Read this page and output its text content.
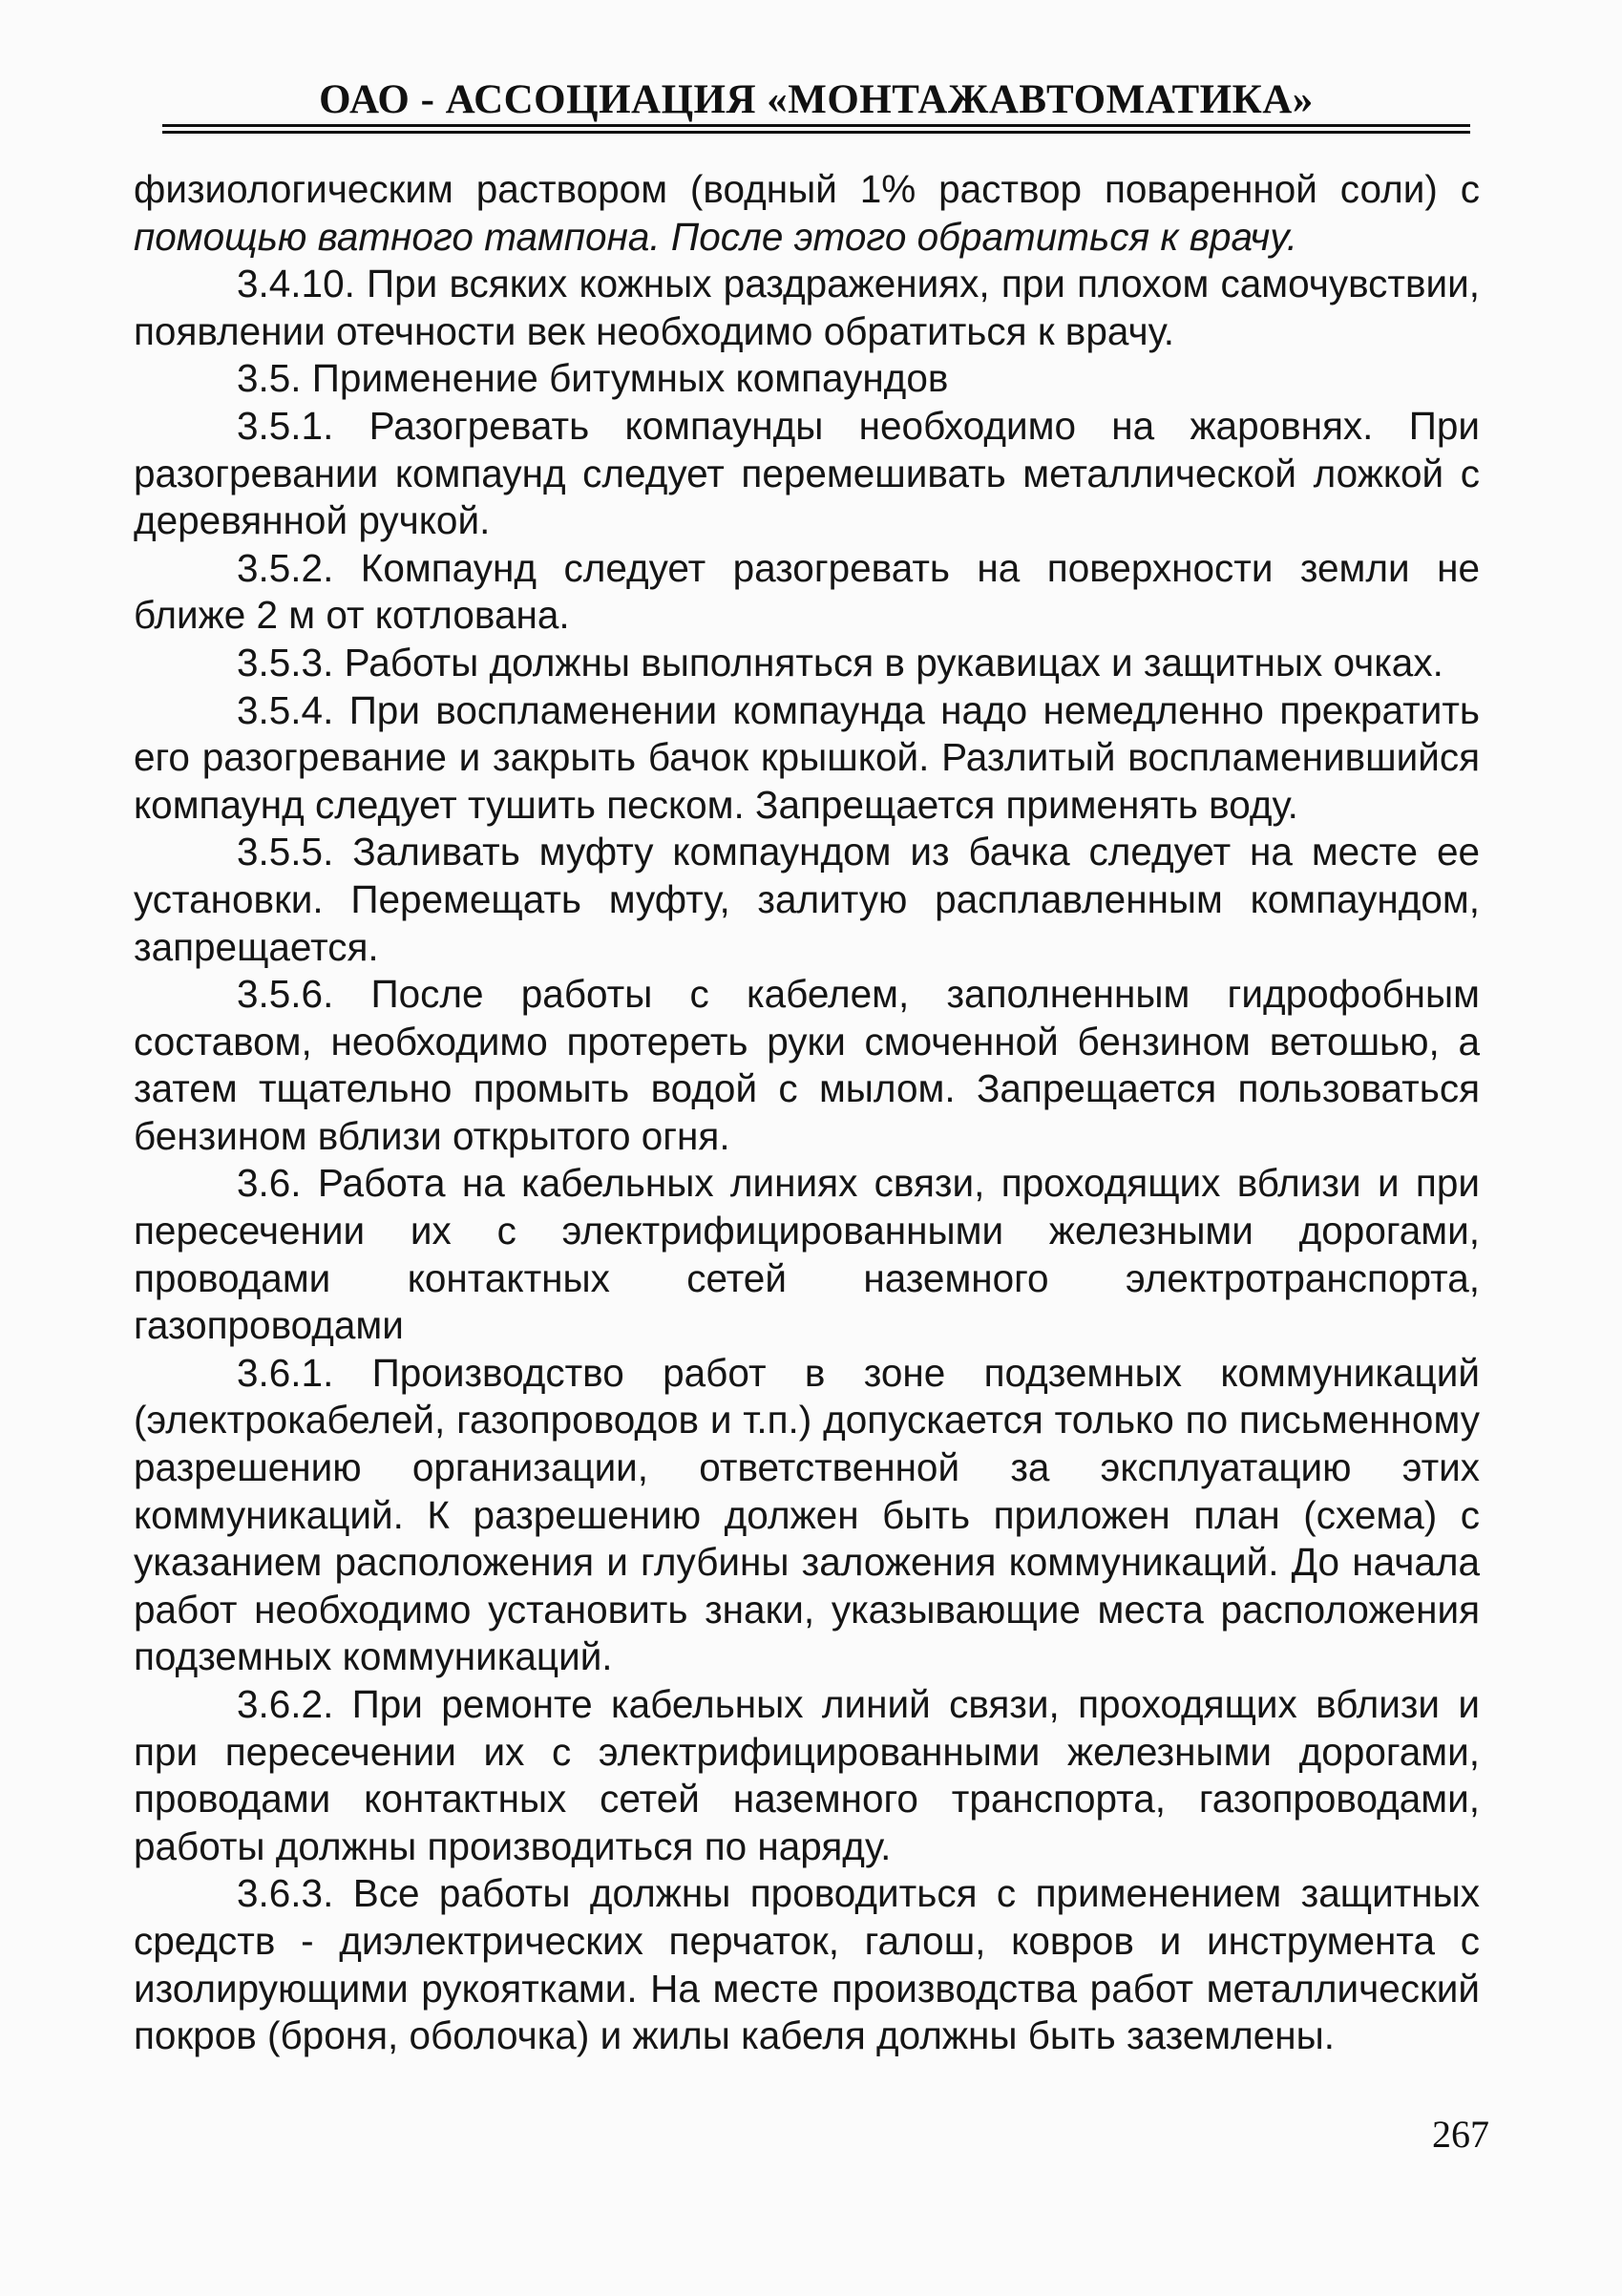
ОАО - АССОЦИАЦИЯ «МОНТАЖАВТОМАТИКА»

физиологическим раствором (водный 1% раствор поваренной соли) с помощью ватного тампона. После этого обратиться к врачу.

3.4.10. При всяких кожных раздражениях, при плохом самочувствии, появлении отечности век необходимо обратиться к врачу.

3.5. Применение битумных компаундов

3.5.1. Разогревать компаунды необходимо на жаровнях. При разогревании компаунд следует перемешивать металлической ложкой с деревянной ручкой.

3.5.2. Компаунд следует разогревать на поверхности земли не ближе 2 м от котлована.

3.5.3. Работы должны выполняться в рукавицах и защитных очках.

3.5.4. При воспламенении компаунда надо немедленно прекратить его разогревание и закрыть бачок крышкой. Разлитый воспламенившийся компаунд следует тушить песком. Запрещается применять воду.

3.5.5. Заливать муфту компаундом из бачка следует на месте ее установки. Перемещать муфту, залитую расплавленным компаундом, запрещается.

3.5.6. После работы с кабелем, заполненным гидрофобным составом, необходимо протереть руки смоченной бензином ветошью, а затем тщательно промыть водой с мылом. Запрещается пользоваться бензином вблизи открытого огня.

3.6. Работа на кабельных линиях связи, проходящих вблизи и при пересечении их с электрифицированными железными дорогами, проводами контактных сетей наземного электротранспорта, газопроводами

3.6.1. Производство работ в зоне подземных коммуникаций (электрокабелей, газопроводов и т.п.) допускается только по письменному разрешению организации, ответственной за эксплуатацию этих коммуникаций. К разрешению должен быть приложен план (схема) с указанием расположения и глубины заложения коммуникаций. До начала работ необходимо установить знаки, указывающие места расположения подземных коммуникаций.

3.6.2. При ремонте кабельных линий связи, проходящих вблизи и при пересечении их с электрифицированными железными дорогами, проводами контактных сетей наземного транспорта, газопроводами, работы должны производиться по наряду.

3.6.3. Все работы должны проводиться с применением защитных средств - диэлектрических перчаток, галош, ковров и инструмента с изолирующими рукоятками. На месте производства работ металлический покров (броня, оболочка) и жилы кабеля должны быть заземлены.

267
